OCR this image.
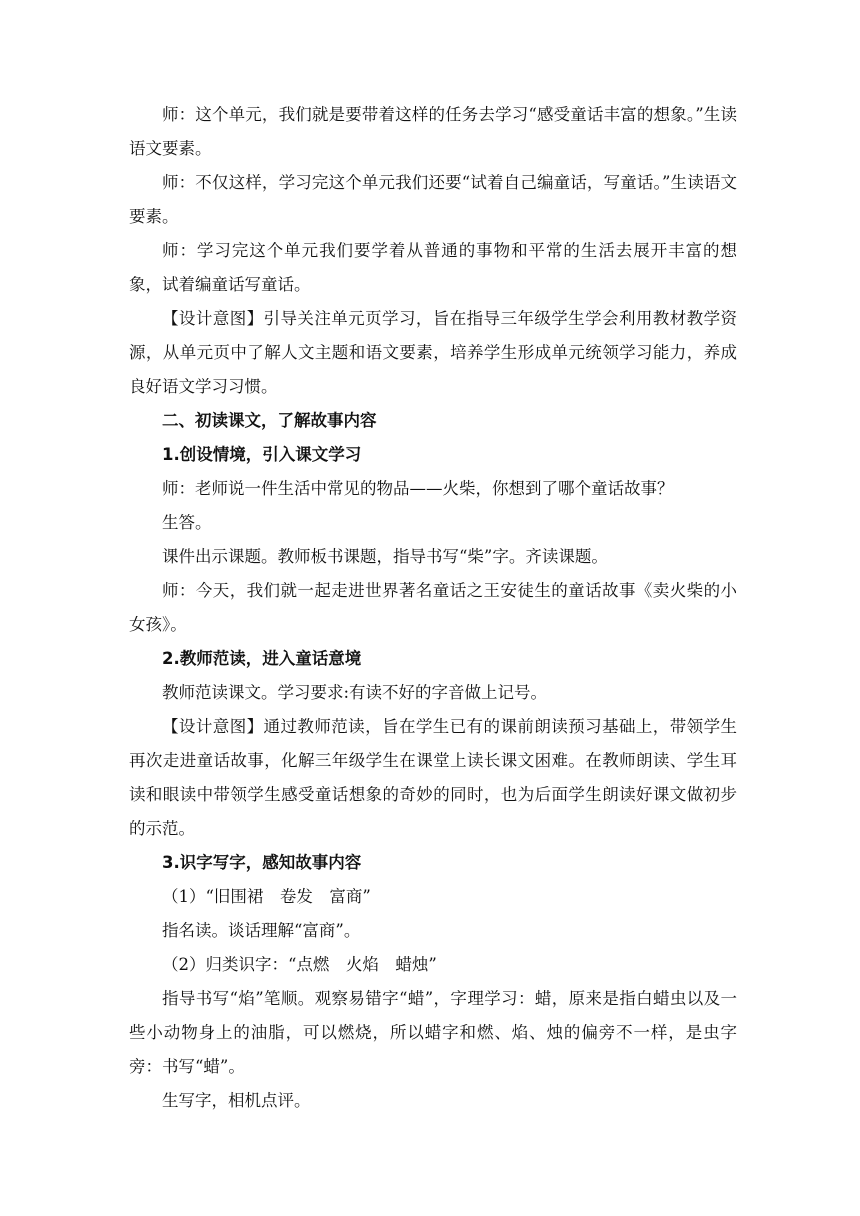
师：这个单元，我们就是要带着这样的任务去学习“感受童话丰富的想象。”生读语文要素。

师：不仅这样，学习完这个单元我们还要“试着自己编童话，写童话。”生读语文要素。

师：学习完这个单元我们要学着从普通的事物和平常的生活去展开丰富的想象，试着编童话写童话。

【设计意图】引导关注单元页学习，旨在指导三年级学生学会利用教材教学资源，从单元页中了解人文主题和语文要素，培养学生形成单元统领学习能力，养成良好语文学习习惯。

二、初读课文，了解故事内容

1.创设情境，引入课文学习

师：老师说一件生活中常见的物品——火柴，你想到了哪个童话故事？

生答。

课件出示课题。教师板书课题，指导书写“柴”字。齐读课题。

师：今天，我们就一起走进世界著名童话之王安徒生的童话故事《卖火柴的小女孩》。

2.教师范读，进入童话意境

教师范读课文。学习要求:有读不好的字音做上记号。

【设计意图】通过教师范读，旨在学生已有的课前朗读预习基础上，带领学生再次走进童话故事，化解三年级学生在课堂上读长课文困难。在教师朗读、学生耳读和眼读中带领学生感受童话想象的奇妙的同时，也为后面学生朗读好课文做初步的示范。

3.识字写字，感知故事内容

（1）“旧围裙　卷发　富商”

指名读。谈话理解“富商”。

（2）归类识字：“点燃　火焰　蜡烛”

指导书写“焰”笔顺。观察易错字“蜡”，字理学习：蜡，原来是指白蜡虫以及一些小动物身上的油脂，可以燃烧，所以蜡字和燃、焰、烛的偏旁不一样，是虫字旁：书写“蜡”。

生写字，相机点评。
